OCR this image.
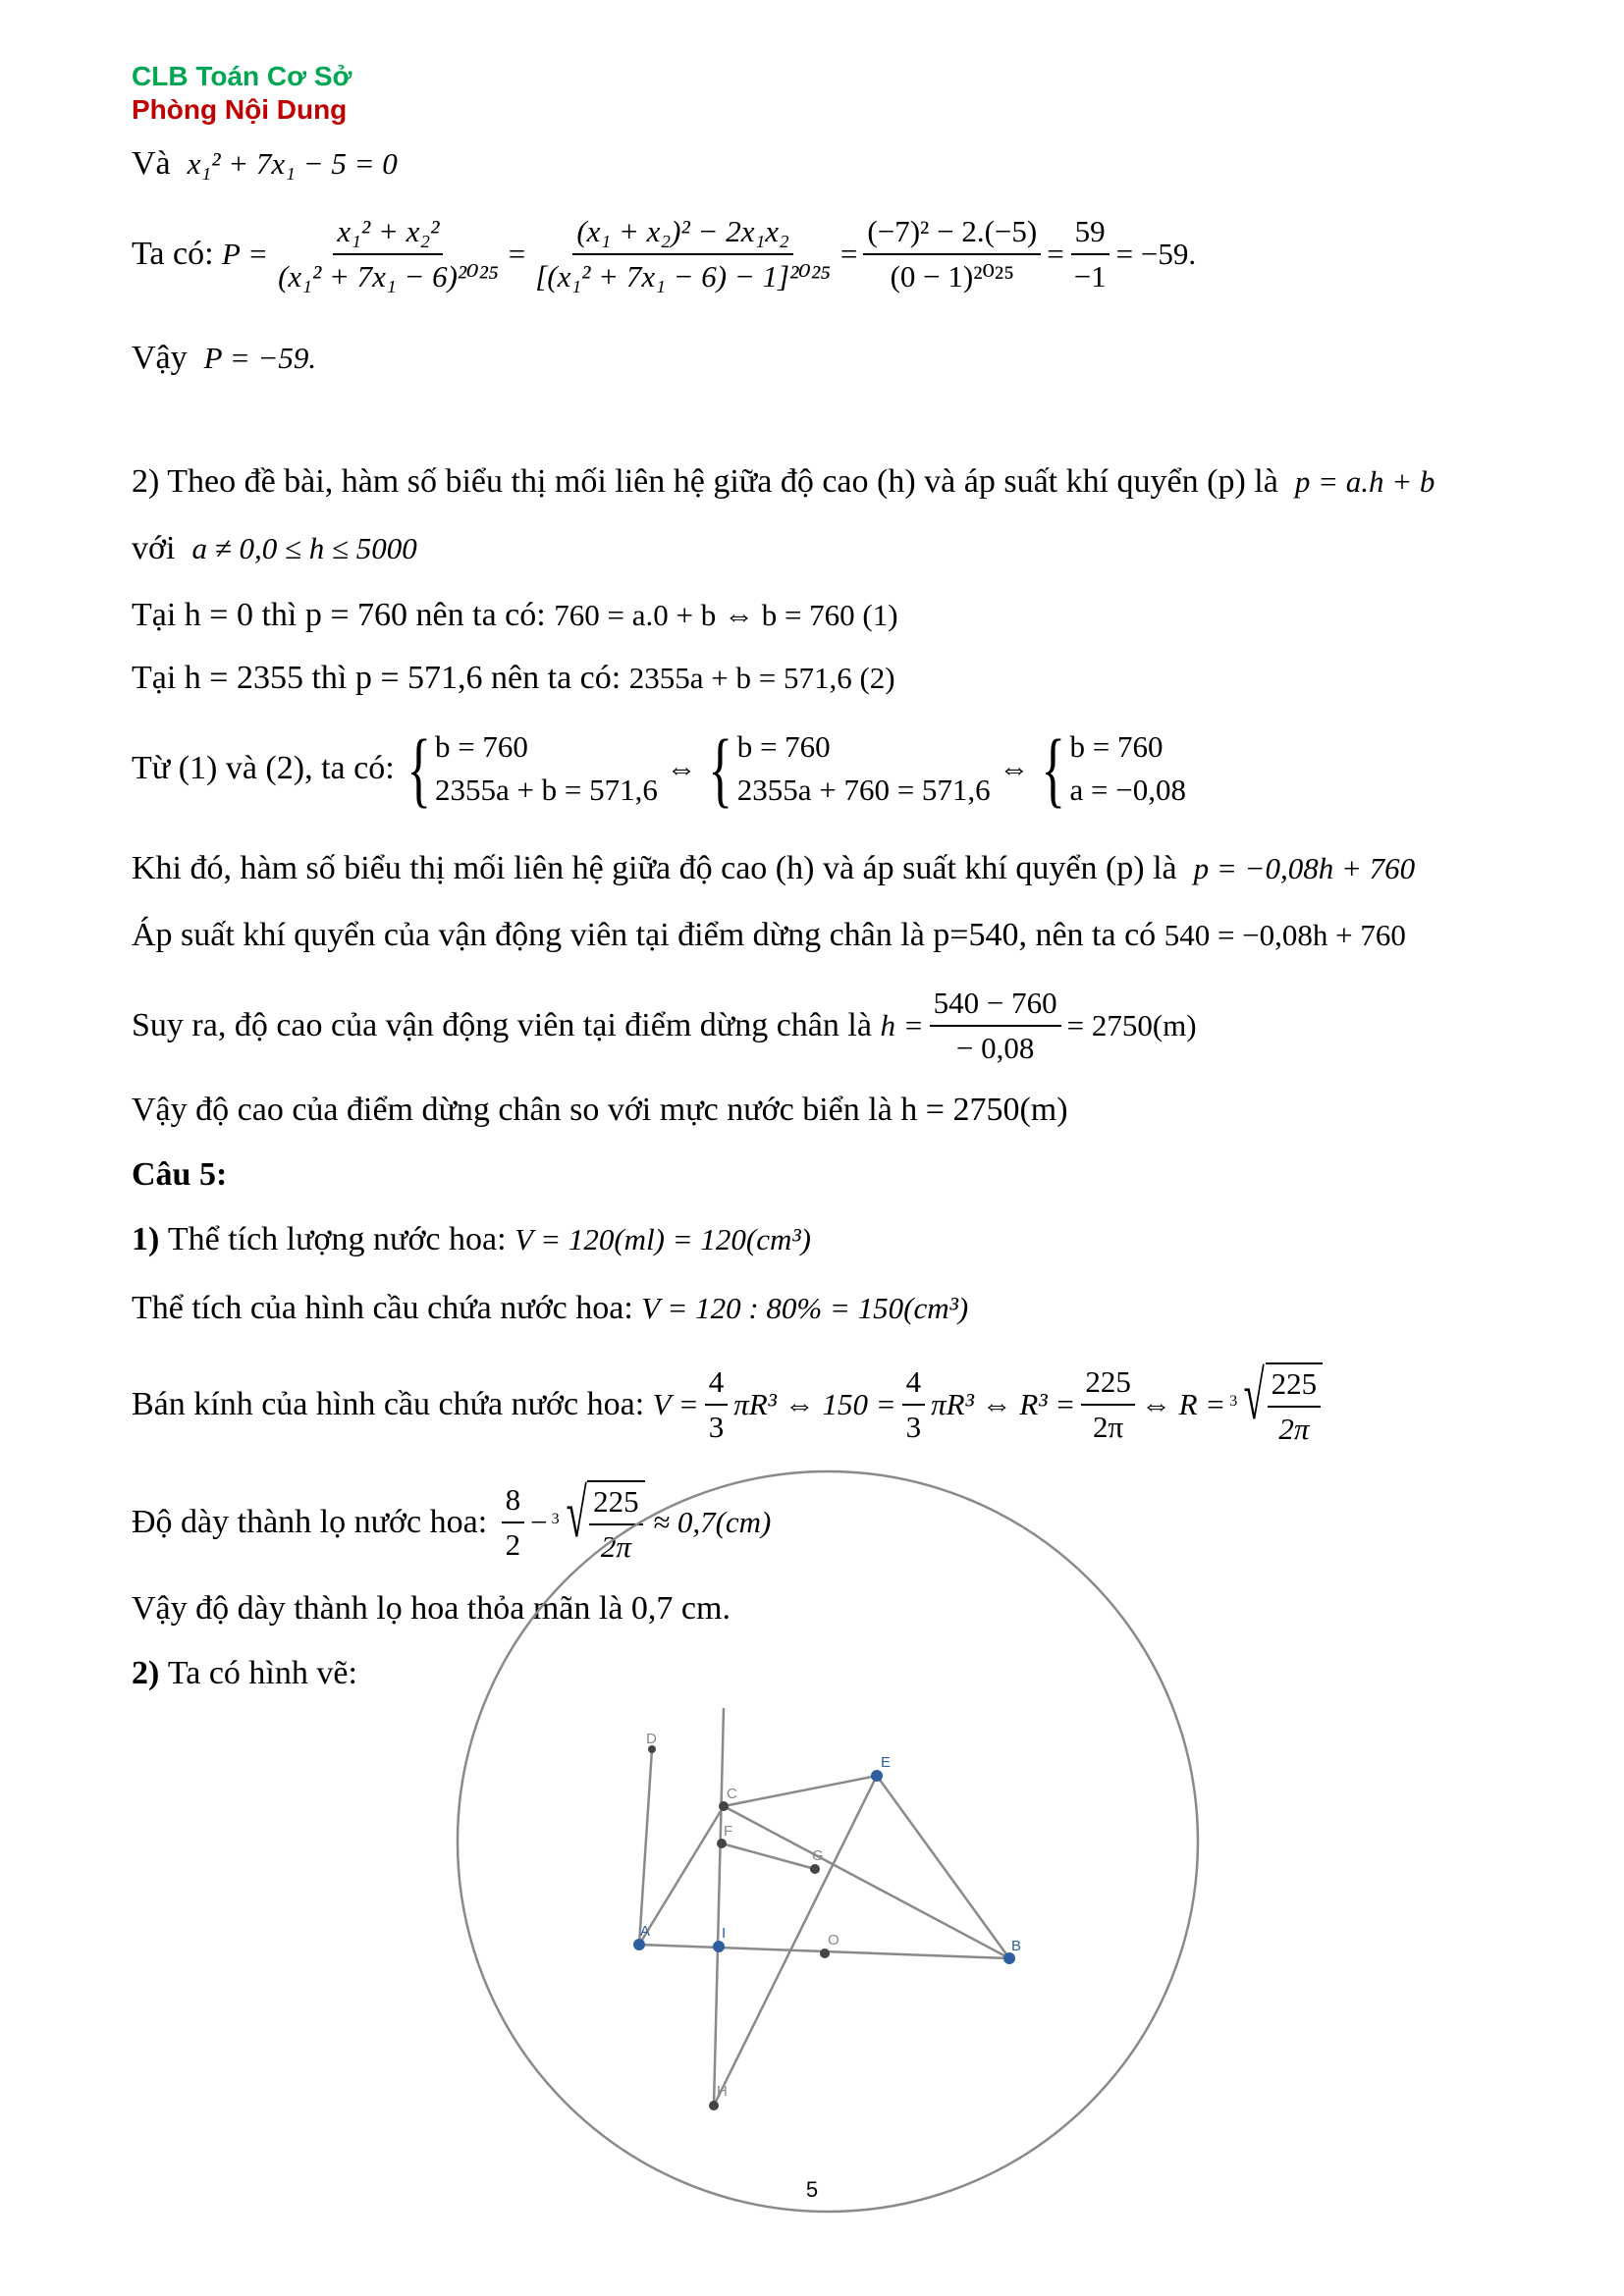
CLB Toán Cơ Sở
Phòng Nội Dung
Và
x₁² + 7x₁ − 5 = 0
Ta có:
$P = \frac{\text{x₁² + x₂²}}{\text{(x₁² + 7x₁ − 6)²⁰²⁵}} = \frac{\text{(x₁ + x₂)² − 2x₁x₂}}{\text{[(x₁² + 7x₁ − 6) − 1]²⁰²⁵}} = \frac{\text{(−7)² − 2.(−5)}}{\text{(0 − 1)²⁰²⁵}} = \frac{59}{-1} = -59$.
Vậy
P = −59.
2) Theo đề bài, hàm số biểu thị mối liên hệ giữa độ cao (h) và áp suất khí quyển (p) là
p = a.h + b
với
a ≠ 0,0 ≤ h ≤ 5000
Tại h = 0 thì p = 760 nên ta có:
760 = a.0 + b ⇔ b = 760 (1)
Tại h = 2355 thì p = 571,6 nên ta có:
2355a + b = 571,6 (2)
Từ (1) và (2), ta có: { b = 760
2355a + b = 571,6

⇔ { b = 760
2355a + 760 = 571,6

⇔ { b = 760
a = −0,08
Khi đó, hàm số biểu thị mối liên hệ giữa độ cao (h) và áp suất khí quyển (p) là
p = −0,08h + 760
Áp suất khí quyển của vận động viên tại điểm dừng chân là p=540, nên ta có
540 = −0,08h + 760
Suy ra, độ cao của vận động viên tại điểm dừng chân là
$h = \frac{540 - 760}{- 0,08} = 2750(m)$
Vậy độ cao của điểm dừng chân so với mực nước biển là h = 2750(m)
Câu 5:
1)
Thể tích lượng nước hoa:
V = 120(ml) = 120(cm³)
Thể tích của hình cầu chứa nước hoa:
V = 120 : 80% = 150(cm³)
Bán kính của hình cầu chứa nước hoa:
$V = \frac{4}{3} \pi R^3$ ⇔ $150 = \frac{4}{3} \pi R^3$ ⇔ $R^3 = \frac{225}{2\pi}$ ⇔ R = 3 √ $\frac{225}{2\pi}$
Độ dày thành lọ nước hoa:
$\frac{8}{2} - 3$ √ $\frac{225}{2\pi}$
≈ 0,7(cm)
Vậy độ dày thành lọ hoa thỏa mãn là 0,7 cm.
2)
Ta có hình vẽ:
D
E
C
F
G
A	I	O	B
H
5
